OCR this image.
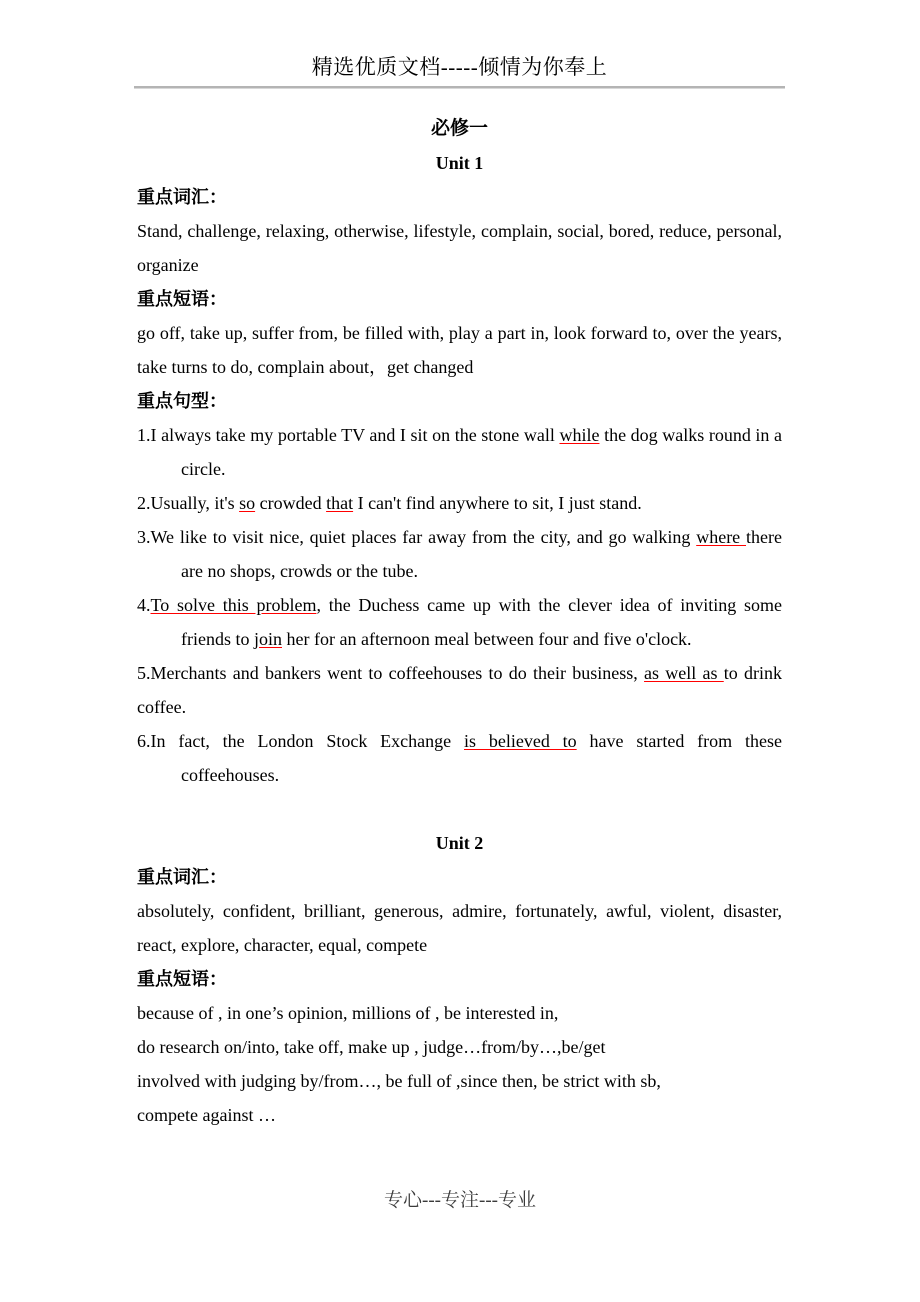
精选优质文档-----倾情为你奉上
必修一
Unit 1
重点词汇：
Stand, challenge, relaxing, otherwise, lifestyle, complain, social, bored, reduce, personal, organize
重点短语：
go off, take up, suffer from, be filled with, play a part in, look forward to, over the years, take turns to do, complain about，get changed
重点句型：
1.I always take my portable TV and I sit on the stone wall while the dog walks round in a circle.
2.Usually, it's so crowded that I can't find anywhere to sit, I just stand.
3.We like to visit nice, quiet places far away from the city, and go walking where there are no shops, crowds or the tube.
4.To solve this problem, the Duchess came up with the clever idea of inviting some friends to join her for an afternoon meal between four and five o'clock.
5.Merchants and bankers went to coffeehouses to do their business, as well as to drink coffee.
6.In fact, the London Stock Exchange is believed to have started from these coffeehouses.
Unit 2
重点词汇：
absolutely, confident, brilliant, generous, admire, fortunately, awful, violent, disaster, react, explore, character, equal, compete
重点短语：
because of , in one’s opinion, millions of , be interested in,
do research on/into, take off, make up , judge…from/by…,be/get
involved with judging by/from…, be full of ,since then, be strict with sb,
compete against …
专心---专注---专业
